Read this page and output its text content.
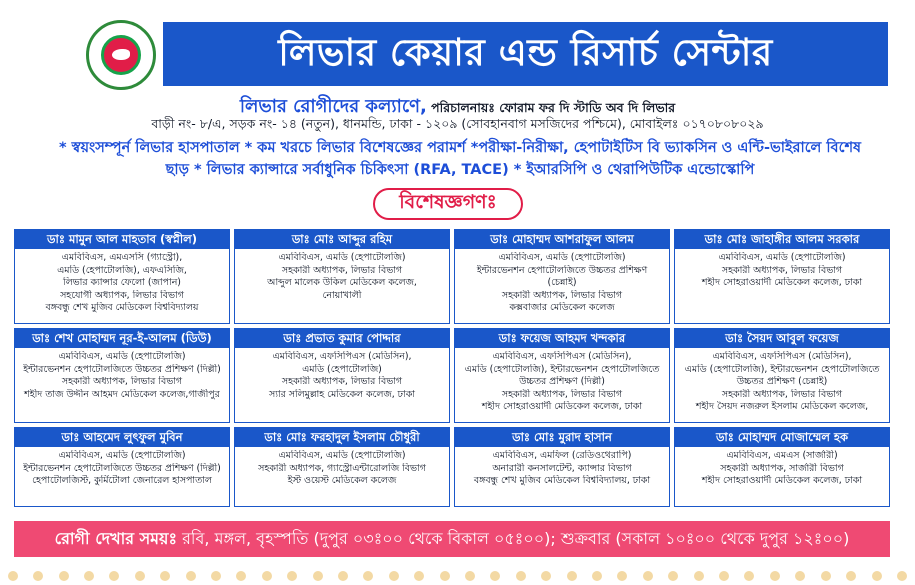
লিভার কেয়ার এন্ড রিসার্চ সেন্টার
লিভার রোগীদের কল্যাণে, পরিচালনায়ঃ ফোরাম ফর দি স্টাডি অব দি লিভার
বাড়ী নং- ৮/এ, সড়ক নং- ১৪ (নতুন), ধানমন্ডি, ঢাকা - ১২০৯ (সোবহানবাগ মসজিদের পশ্চিমে), মোবাইলঃ ০১৭০৮০৮০২৯
* স্বয়ংসম্পূর্ন লিভার হাসপাতাল * কম খরচে লিভার বিশেষজ্ঞের পরামর্শ *পরীক্ষা-নিরীক্ষা, হেপাটাইটিস বি ভ্যাকসিন ও এন্টি-ভাইরালে বিশেষ
ছাড় * লিভার ক্যান্সারে সর্বাধুনিক চিকিৎসা (RFA, TACE) * ইআরসিপি ও থেরাপিউটিক এন্ডোস্কোপি
বিশেষজ্ঞগণঃ
ডাঃ মামুন আল মাহতাব (স্বপ্নীল)
এমবিবিএস, এমএসসি (গ্যাস্ট্রো),
এমডি (হেপাটোলজি), এফএসিজি,
লিভার ক্যান্সার ফেলো (জাপান)
সহযোগী অধ্যাপক, লিভার বিভাগ
বঙ্গবন্ধু শেখ মুজিব মেডিকেল বিশ্ববিদ্যালয়
ডাঃ মোঃ আব্দুর রহিম
এমবিবিএস, এমডি (হেপাটোলজি)
সহকারী অধ্যাপক, লিভার বিভাগ
আব্দুল মালেক উকিল মেডিকেল কলেজ,
নোয়াখালী
ডাঃ মোহাম্মদ আশরাফুল আলম
এমবিবিএস, এমডি (হেপাটোলজি)
ইন্টারভেনশন হেপাটোলজিতে উচ্চতর প্রশিক্ষণ
(চেন্নাই)
সহকারী অধ্যাপক, লিভার বিভাগ
কক্সবাজার মেডিকেল কলেজ
ডাঃ মোঃ জাহাঙ্গীর আলম সরকার
এমবিবিএস, এমডি (হেপাটোলজি)
সহকারী অধ্যাপক, লিভার বিভাগ
শহীদ সোহরাওয়ার্দী মেডিকেল কলেজ, ঢাকা
ডাঃ শেখ মোহাম্মদ নূর-ই-আলম (ডিউ)
এমবিবিএস, এমডি (হেপাটোলজি)
ইন্টারভেনশন হেপাটোলজিতে উচ্চতর প্রশিক্ষণ (দিল্লী)
সহকারী অধ্যাপক, লিভার বিভাগ
শহীদ তাজ উদ্দীন আহমদ মেডিকেল কলেজ,গাজীপুর
ডাঃ প্রভাত কুমার পোদ্দার
এমবিবিএস, এফসিপিএস (মেডিসিন),
এমডি (হেপাটোলজি)
সহকারী অধ্যাপক, লিভার বিভাগ
স্যার সলিমুল্লাহ মেডিকেল কলেজ, ঢাকা
ডাঃ ফয়েজ আহমদ খন্দকার
এমবিবিএস, এফসিপিএস (মেডিসিন),
এমডি (হেপাটোলজি), ইন্টারভেনশন হেপাটোলজিতে
উচ্চতর প্রশিক্ষণ (দিল্লী)
সহকারী অধ্যাপক, লিভার বিভাগ
শহীদ সোহরাওয়ার্দী মেডিকেল কলেজ, ঢাকা
ডাঃ সৈয়দ আবুল ফয়েজ
এমবিবিএস, এফসিপিএস (মেডিসিন),
এমডি (হেপাটোলজি), ইন্টারভেনশন হেপাটোলজিতে
উচ্চতর প্রশিক্ষণ (চেন্নাই)
সহকারী অধ্যাপক, লিভার বিভাগ
শহীদ সৈয়দ নজরুল ইসলাম মেডিকেল কলেজ,
ডাঃ আহমেদ লুৎফুল মুবিন
এমবিবিএস, এমডি (হেপাটোলজি)
ইন্টারভেনশন হেপাটোলজিতে উচ্চতর প্রশিক্ষণ (দিল্লী)
হেপাটোলজিস্ট, কুর্মিটোলা জেনারেল হাসপাতাল
ডাঃ মোঃ ফরহাদুল ইসলাম চৌধুরী
এমবিবিএস, এমডি (হেপাটোলজি)
সহকারী অধ্যাপক, গ্যাস্ট্রোএন্টারোলজি বিভাগ
ইস্ট ওয়েস্ট মেডিকেল কলেজ
ডাঃ মোঃ মুরাদ হাসান
এমবিবিএস, এমফিল (রেডিওথেরাপি)
অনারারী কনসালটেন্ট, ক্যান্সার বিভাগ
বঙ্গবন্ধু শেখ মুজিব মেডিকেল বিশ্ববিদ্যালয়, ঢাকা
ডাঃ মোহাম্মদ মোজাম্মেল হক
এমবিবিএস, এমএস (সার্জারী)
সহকারী অধ্যাপক, সার্জারী বিভাগ
শহীদ সোহরাওয়ার্দী মেডিকেল কলেজ, ঢাকা
রোগী দেখার সময়ঃ রবি, মঙ্গল, বৃহস্পতি (দুপুর ০৩ঃ০০ থেকে বিকাল ০৫ঃ০০); শুক্রবার (সকাল ১০ঃ০০ থেকে দুপুর ১২ঃ০০)
